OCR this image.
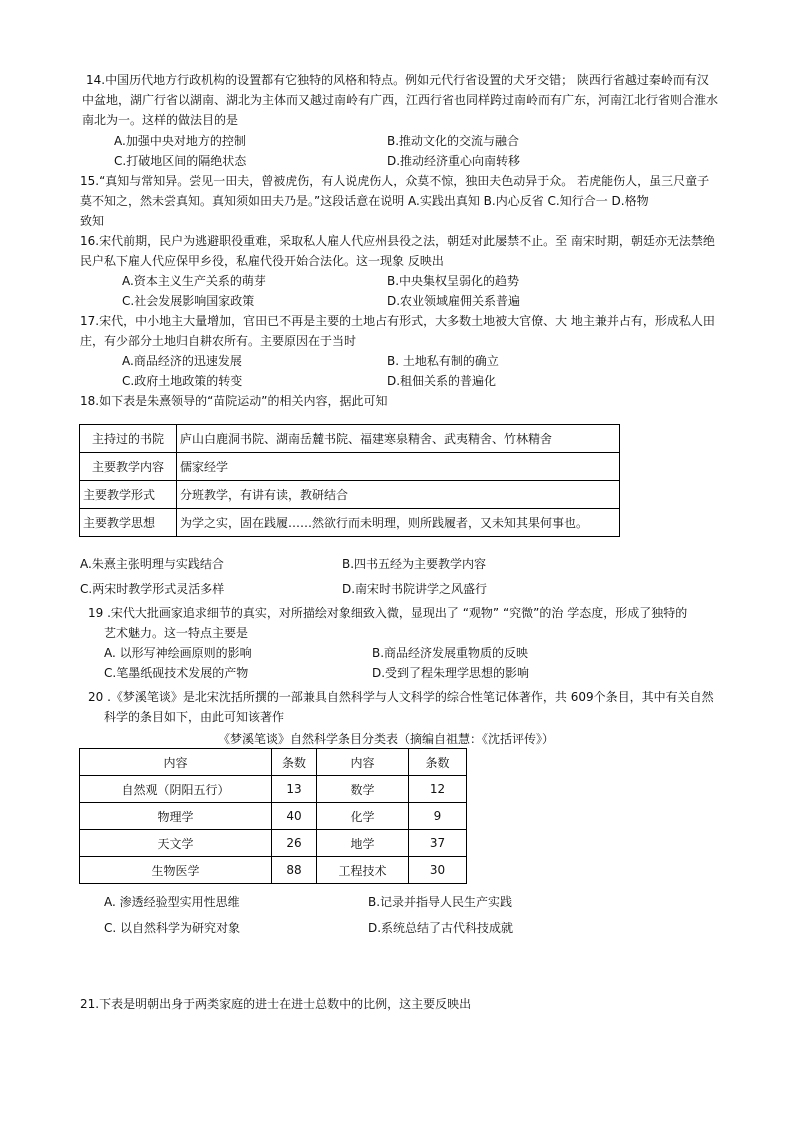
14.中国历代地方行政机构的设置都有它独特的风格和特点。例如元代行省设置的犬牙交错； 陕西行省越过秦岭而有汉
中盆地，湖广行省以湖南、湖北为主体而又越过南岭有广西，江西行省也同样跨过南岭而有广东，河南江北行省则合淮水
南北为一。这样的做法目的是
A.加强中央对地方的控制	B.推动文化的交流与融合
C.打破地区间的隔绝状态	D.推动经济重心向南转移
15.“真知与常知异。尝见一田夫，曾被虎伤，有人说虎伤人，众莫不惊，独田夫色动异于众。 若虎能伤人，虽三尺童子
莫不知之，然未尝真知。真知须如田夫乃是。”这段话意在说明 A.实践出真知 B.内心反省 C.知行合一 D.格物
致知
16.宋代前期，民户为逃避职役重难，采取私人雇人代应州县役之法，朝廷对此屡禁不止。至 南宋时期，朝廷亦无法禁绝
民户私下雇人代应保甲乡役，私雇代役开始合法化。这一现象 反映出
A.资本主义生产关系的萌芽	B.中央集权呈弱化的趋势
C.社会发展影响国家政策	D.农业领域雇佣关系普遍
17.宋代，中小地主大量增加，官田已不再是主要的土地占有形式，大多数土地被大官僚、大 地主兼并占有，形成私人田
庄，有少部分土地归自耕农所有。主要原因在于当时
A.商品经济的迅速发展	B. 土地私有制的确立
C.政府土地政策的转变	D.租佃关系的普遍化
18.如下表是朱熹领导的“苗院运动”的相关内容，据此可知
主持过的书院	庐山白鹿洞书院、湖南岳麓书院、福建寒泉精舍、武夷精舍、竹林精舍
主要教学内容	儒家经学
主要教学形式	分班教学，有讲有读，教研结合
主要教学思想	为学之实，固在践履……然欲行而未明理，则所践履者，又未知其果何事也。
A.朱熹主张明理与实践结合	B.四书五经为主要教学内容
C.两宋时教学形式灵活多样	D.南宋时书院讲学之风盛行
19 .宋代大批画家追求细节的真实，对所描绘对象细致入微，显现出了 “观物” “究微”的治 学态度，形成了独特的
艺术魅力。这一特点主要是
A. 以形写神绘画原则的影响	B.商品经济发展重物质的反映
C.笔墨纸砚技术发展的产物	D.受到了程朱理学思想的影响
20 .《梦溪笔谈》是北宋沈括所撰的一部兼具自然科学与人文科学的综合性笔记体著作，共 609个条目，其中有关自然
科学的条目如下，由此可知该著作
《梦溪笔谈》自然科学条目分类表（摘编自祖慧：《沈括评传》）
内容	条数	内容	条数
自然观（阴阳五行）	13	数学	12
物理学	40	化学	9
天文学	26	地学	37
生物医学	88	工程技术	30
A. 渗透经验型实用性思维	B.记录并指导人民生产实践
C. 以自然科学为研究对象	D.系统总结了古代科技成就
21.下表是明朝出身于两类家庭的进士在进士总数中的比例，这主要反映出
